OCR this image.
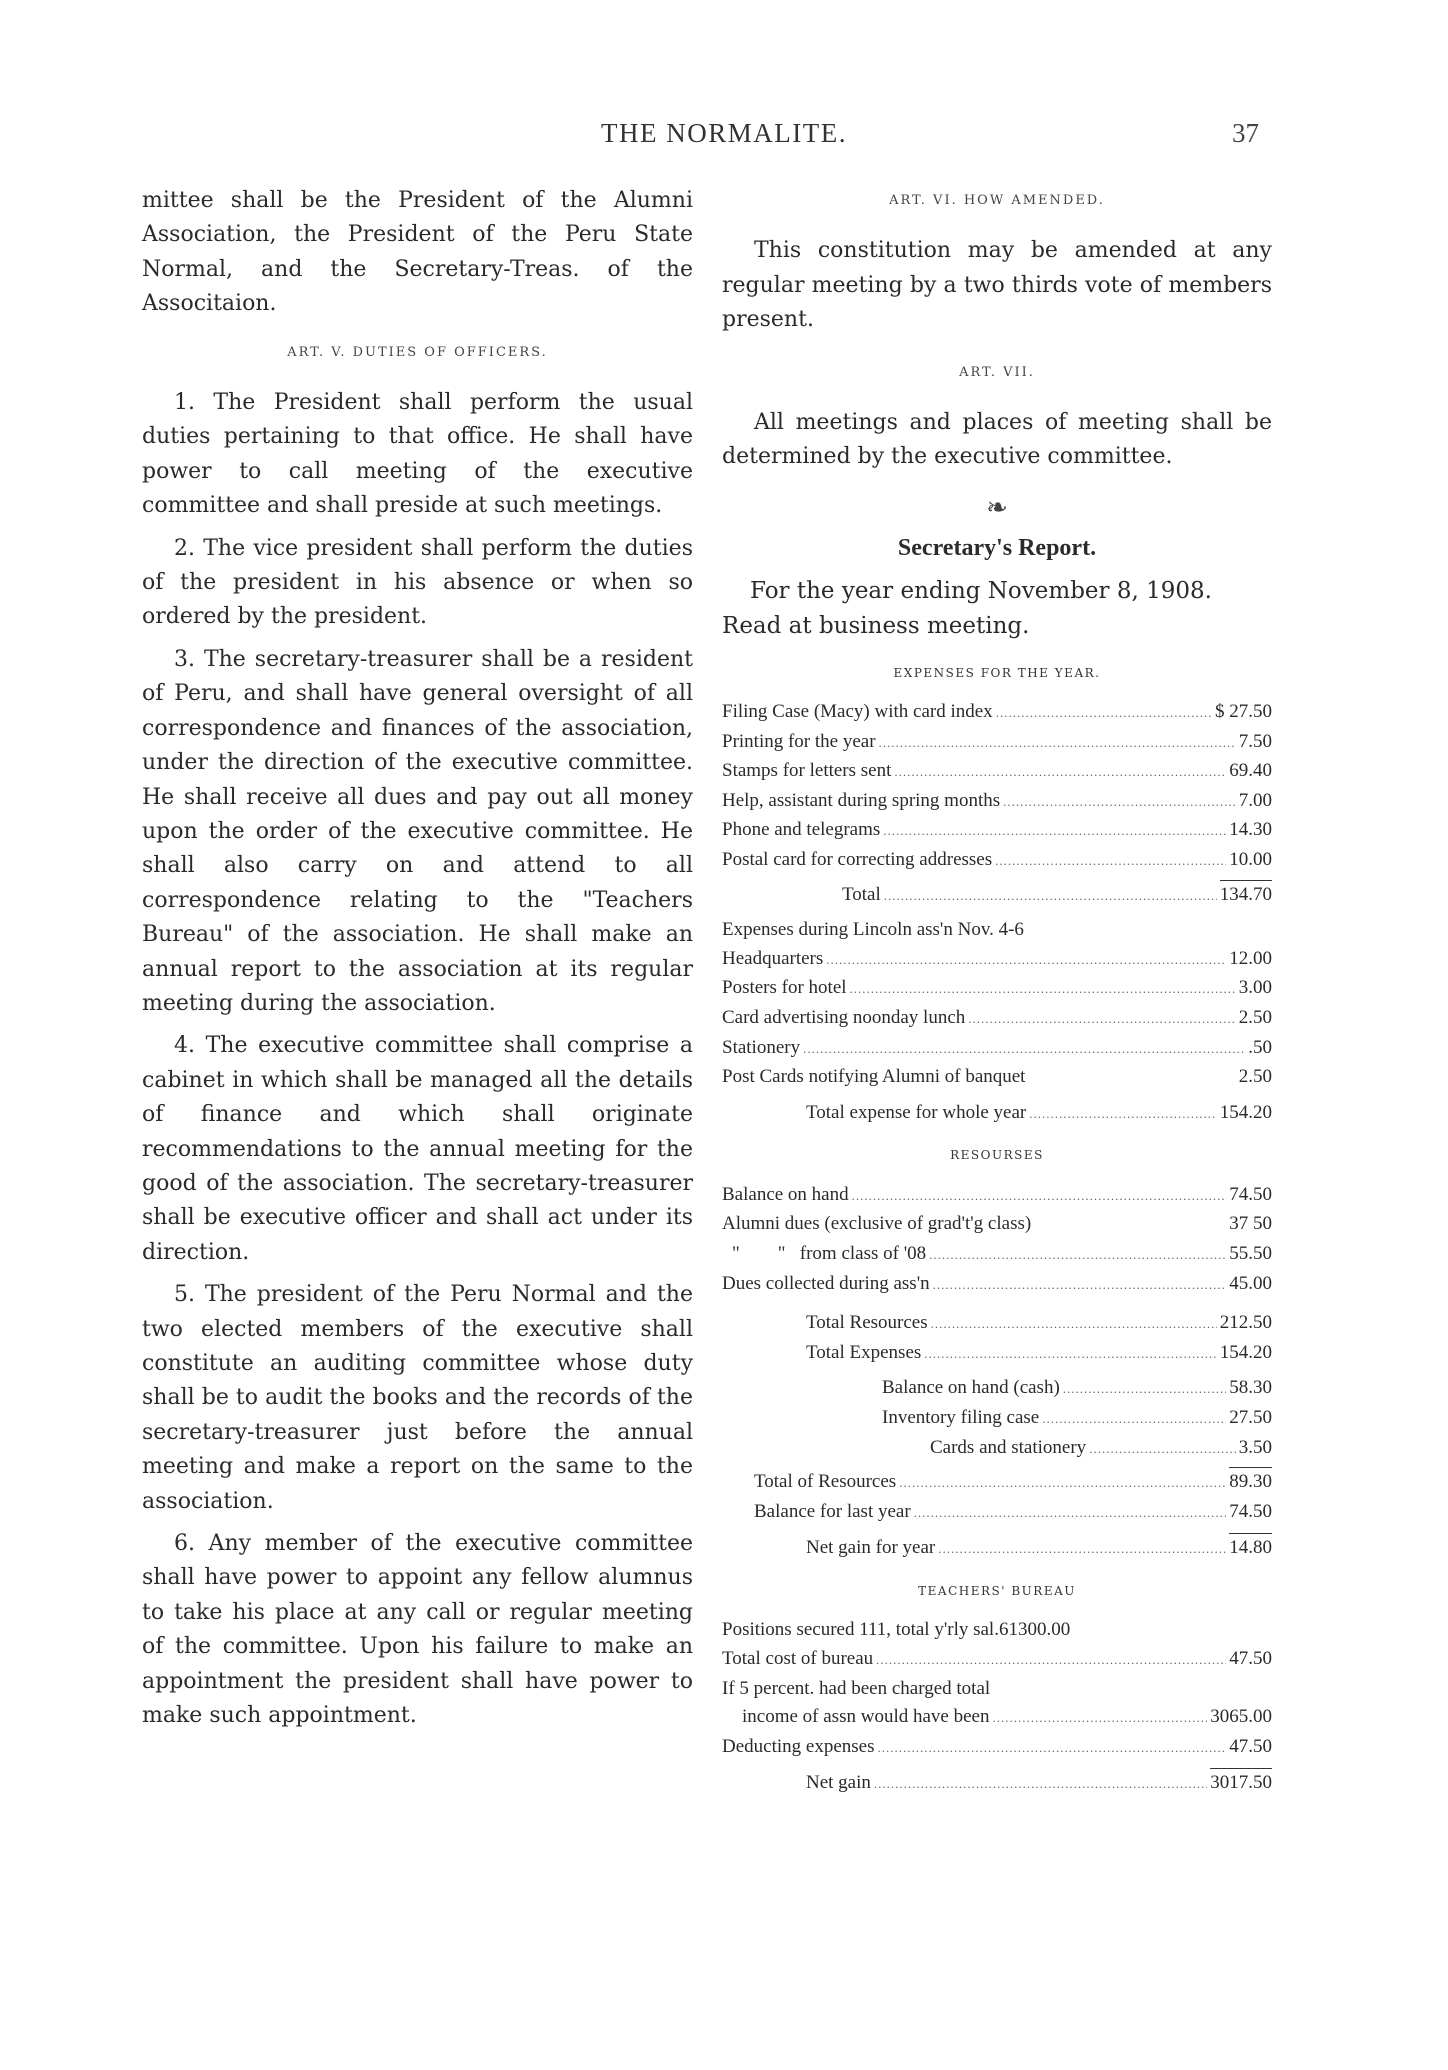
THE NORMALITE.	37

mittee shall be the President of the Alumni Association, the President of the Peru State Normal, and the Secretary-Treas. of the Associtaion.

ART. V. DUTIES OF OFFICERS.

1. The President shall perform the usual duties pertaining to that office. He shall have power to call meeting of the executive committee and shall preside at such meetings.

2. The vice president shall perform the duties of the president in his absence or when so ordered by the president.

3. The secretary-treasurer shall be a resident of Peru, and shall have general oversight of all correspondence and finances of the association, under the direction of the executive committee. He shall receive all dues and pay out all money upon the order of the executive committee. He shall also carry on and attend to all correspondence relating to the "Teachers Bureau" of the association. He shall make an annual report to the association at its regular meeting during the association.

4. The executive committee shall comprise a cabinet in which shall be managed all the details of finance and which shall originate recommendations to the annual meeting for the good of the association. The secretary-treasurer shall be executive officer and shall act under its direction.

5. The president of the Peru Normal and the two elected members of the executive shall constitute an auditing committee whose duty shall be to audit the books and the records of the secretary-treasurer just before the annual meeting and make a report on the same to the association.

6. Any member of the executive committee shall have power to appoint any fellow alumnus to take his place at any call or regular meeting of the committee. Upon his failure to make an appointment the president shall have power to make such appointment.

ART. VI. HOW AMENDED.

This constitution may be amended at any regular meeting by a two thirds vote of members present.

ART. VII.

All meetings and places of meeting shall be determined by the executive committee.

❧
Secretary's Report.

For the year ending November 8, 1908.

Read at business meeting.

EXPENSES FOR THE YEAR.
Filing Case (Macy) with card index .....	$ 27.50
Printing for the year .....	7.50
Stamps for letters sent .....	69.40
Help, assistant during spring months .....	7.00
Phone and telegrams .....	14.30
Postal card for correcting addresses .....	10.00
Total .....	134.70
Expenses during Lincoln ass'n Nov. 4-6
Headquarters .....	12.00
Posters for hotel .....	3.00
Card advertising noonday lunch .....	2.50
Stationery .....	.50
Post Cards notifying Alumni of banquet	2.50
Total expense for whole year .....	154.20
RESOURSES
Balance on hand .....	74.50
Alumni dues (exclusive of grad't'g class)	37 50
"        "   from class of '08 .....	55.50
Dues collected during ass'n .....	45.00
Total Resources .....	212.50
Total Expenses .....	154.20
Balance on hand (cash) .....	58.30
Inventory filing case .....	27.50
Cards and stationery .....	3.50
Total of Resources .....	89.30
Balance for last year .....	74.50
Net gain for year .....	14.80
TEACHERS' BUREAU
Positions secured 111, total y'rly sal.61300.00
Total cost of bureau .....	47.50
If 5 percent. had been charged total
income of assn would have been .....	3065.00
Deducting expenses .....	47.50
Net gain .....	3017.50
